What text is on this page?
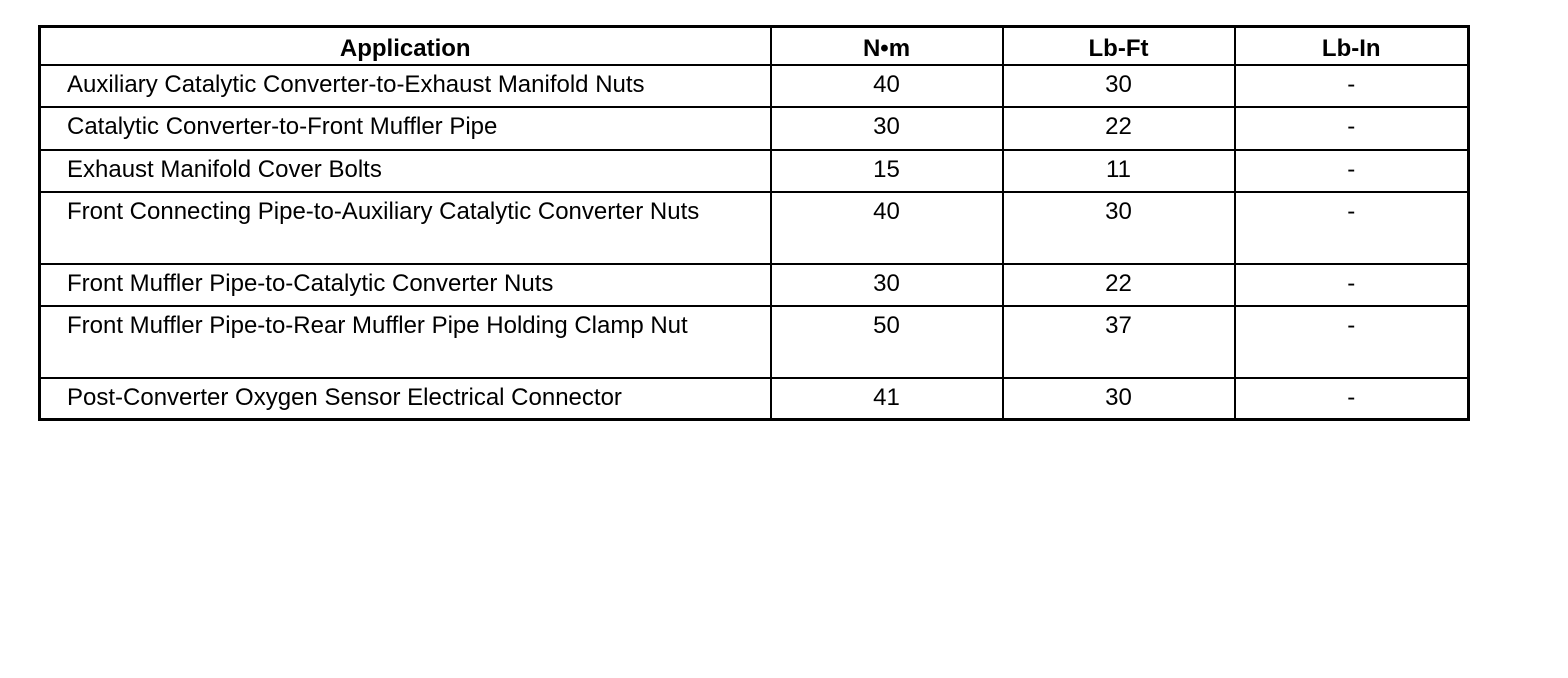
Application	N•m	Lb-Ft	Lb-In
Auxiliary Catalytic Converter-to-Exhaust Manifold Nuts	40	30	-
Catalytic Converter-to-Front Muffler Pipe	30	22	-
Exhaust Manifold Cover Bolts	15	11	-
Front Connecting Pipe-to-Auxiliary Catalytic Converter Nuts	40	30	-
Front Muffler Pipe-to-Catalytic Converter Nuts	30	22	-
Front Muffler Pipe-to-Rear Muffler Pipe Holding Clamp Nut	50	37	-
Post-Converter Oxygen Sensor Electrical Connector	41	30	-
